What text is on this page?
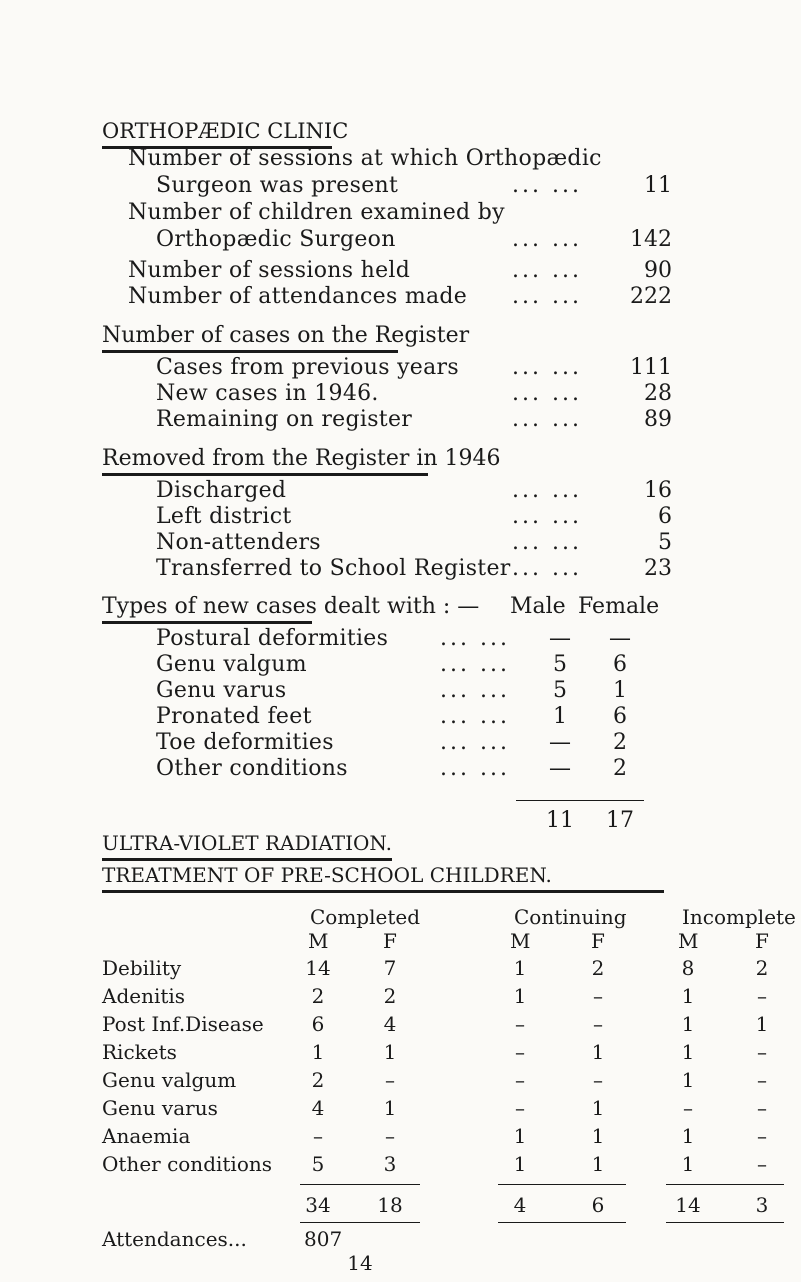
ORTHOPÆDIC CLINIC
Number of sessions at which Orthopædic
Surgeon was present	... ...	11
Number of children examined by
Orthopædic Surgeon	... ...	142
Number of sessions held	... ...	90
Number of attendances made ... ...	222
Number of cases on the Register
Cases from previous years ... ...	111
New cases in 1946.	... ...	28
Remaining on register	... ...	89
Removed from the Register in 1946
Discharged	... ...	16
Left district	... ...	6
Non-attenders	... ...	5
Transferred to School Register ... ...	23
Types of new cases dealt with : — Male Female
Postural deformities ... ...	—	—
Genu valgum	... ...	5	6
Genu varus	... ...	5	1
Pronated feet	... ...	1	6
Toe deformities	... ...	—	2
Other conditions	... ...	—	2
11 17
ULTRA-VIOLET RADIATION.
TREATMENT OF PRE-SCHOOL CHILDREN.
Completed	Continuing	Incomplete
M	F	M	F	M	F
Debility	14	7	1	2	8	2
Adenitis	2	2	1	–	1	–
Post Inf.Disease	6	4	–	–	1	1
Rickets	1	1	–	1	1	–
Genu valgum	2	–	–	–	1	–
Genu varus	4	1	–	1	–	–
Anaemia	–	–	1	1	1	–
Other conditions	5	3	1	1	1	–
34 18	4	6	14	3
Attendances...	807
14
